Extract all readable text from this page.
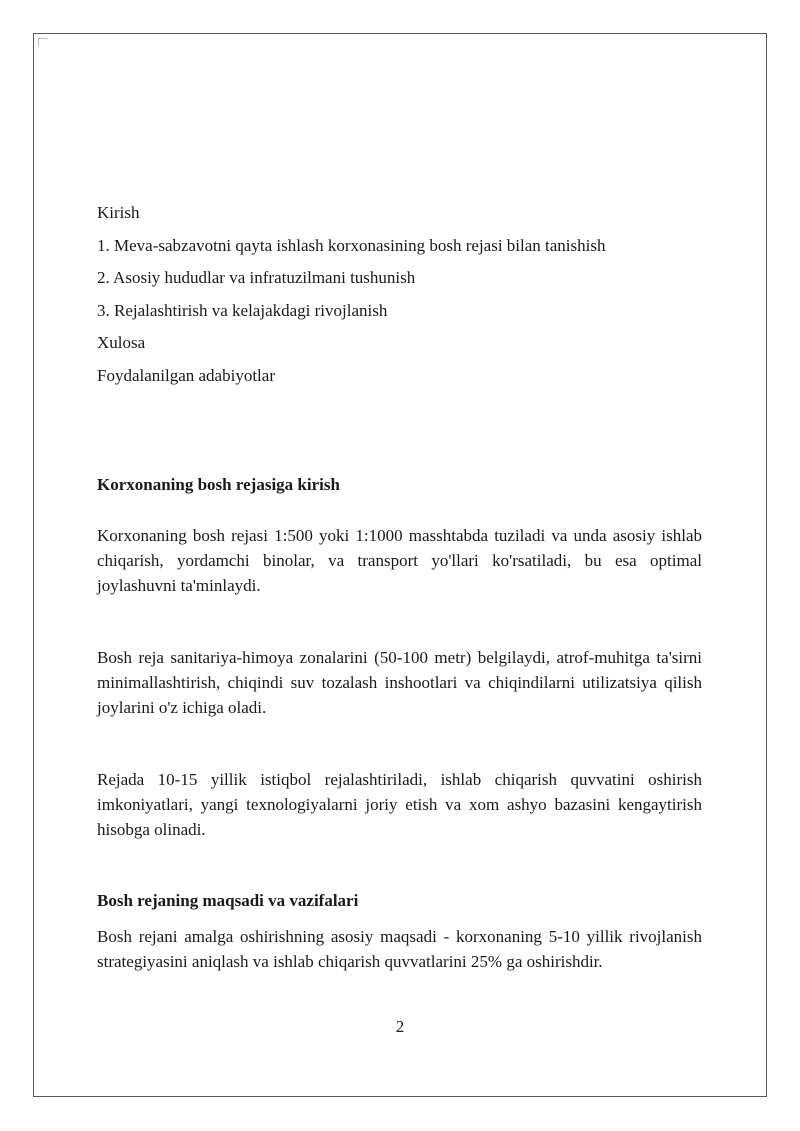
Kirish

1. Meva-sabzavotni qayta ishlash korxonasining bosh rejasi bilan tanishish

2. Asosiy hududlar va infratuzilmani tushunish

3. Rejalashtirish va kelajakdagi rivojlanish

Xulosa

Foydalanilgan adabiyotlar

Korxonaning bosh rejasiga kirish

Korxonaning bosh rejasi 1:500 yoki 1:1000 masshtabda tuziladi va unda asosiy ishlab chiqarish, yordamchi binolar, va transport yo'llari ko'rsatiladi, bu esa optimal joylashuvni ta'minlaydi.

Bosh reja sanitariya-himoya zonalarini (50-100 metr) belgilaydi, atrof-muhitga ta'sirni minimallashtirish, chiqindi suv tozalash inshootlari va chiqindilarni utilizatsiya qilish joylarini o'z ichiga oladi.

Rejada 10-15 yillik istiqbol rejalashtiriladi, ishlab chiqarish quvvatini oshirish imkoniyatlari, yangi texnologiyalarni joriy etish va xom ashyo bazasini kengaytirish hisobga olinadi.

Bosh rejaning maqsadi va vazifalari

Bosh rejani amalga oshirishning asosiy maqsadi - korxonaning 5-10 yillik rivojlanish strategiyasini aniqlash va ishlab chiqarish quvvatlarini 25% ga oshirishdir.

2
